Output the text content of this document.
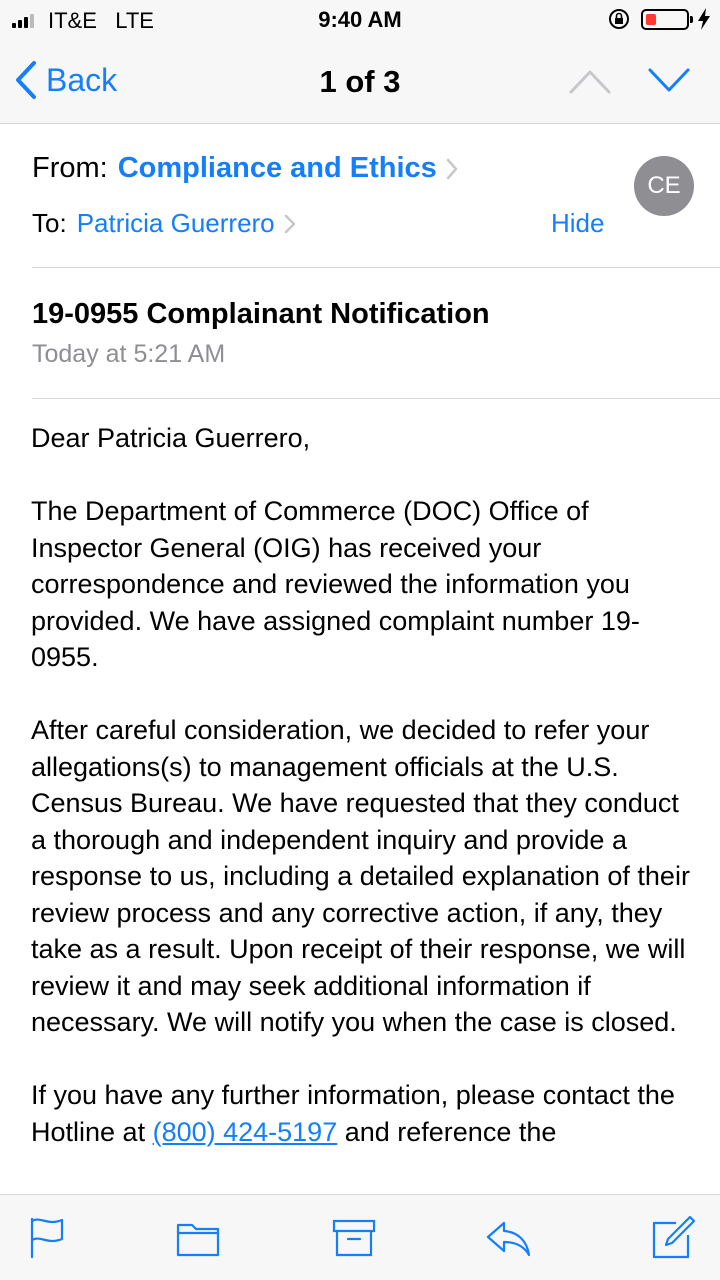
IT&E LTE	9:40 AM
Back	1 of 3
From: Compliance and Ethics
To: Patricia Guerrero	Hide
CE
19-0955 Complainant Notification
Today at 5:21 AM

Dear Patricia Guerrero,

The Department of Commerce (DOC) Office of Inspector General (OIG) has received your correspondence and reviewed the information you provided. We have assigned complaint number 19-0955.

After careful consideration, we decided to refer your allegations(s) to management officials at the U.S. Census Bureau. We have requested that they conduct a thorough and independent inquiry and provide a response to us, including a detailed explanation of their review process and any corrective action, if any, they take as a result. Upon receipt of their response, we will review it and may seek additional information if necessary. We will notify you when the case is closed.

If you have any further information, please contact the Hotline at (800) 424-5197 and reference the
